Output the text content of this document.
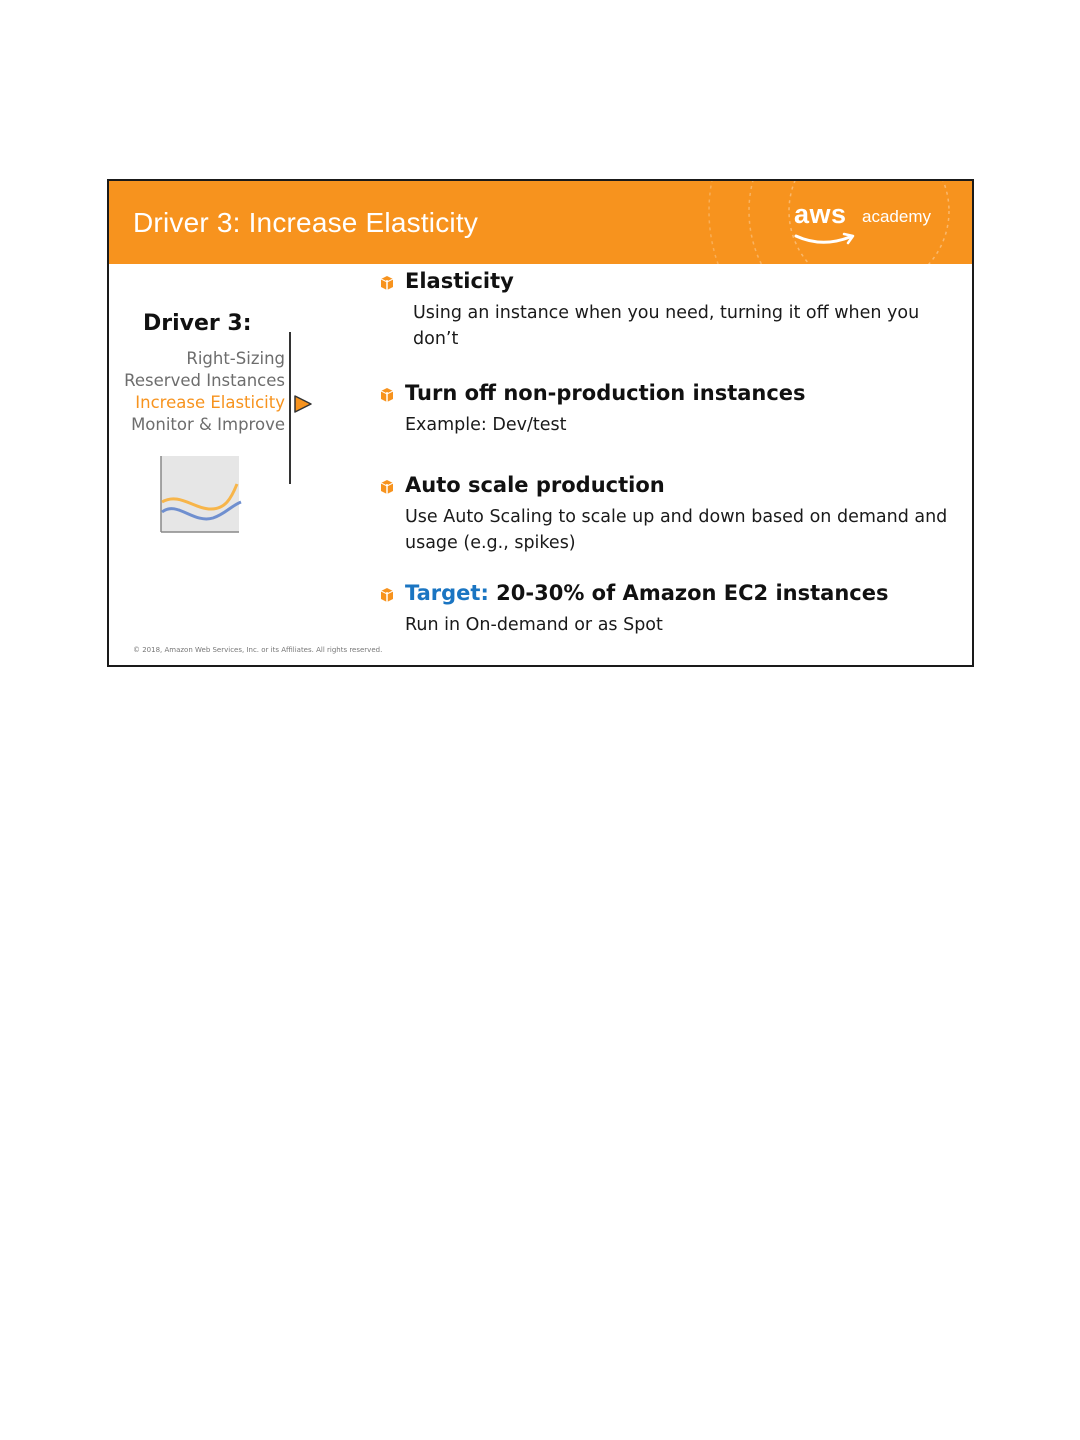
Driver 3: Increase Elasticity	aws academy
Driver 3:
Right-Sizing
Reserved Instances
Increase Elasticity
Monitor & Improve
Elasticity
Using an instance when you need, turning it off when you don’t
Turn off non-production instances
Example: Dev/test
Auto scale production
Use Auto Scaling to scale up and down based on demand and usage (e.g., spikes)
Target: 20-30% of Amazon EC2 instances
Run in On-demand or as Spot
© 2018, Amazon Web Services, Inc. or its Affiliates. All rights reserved.
